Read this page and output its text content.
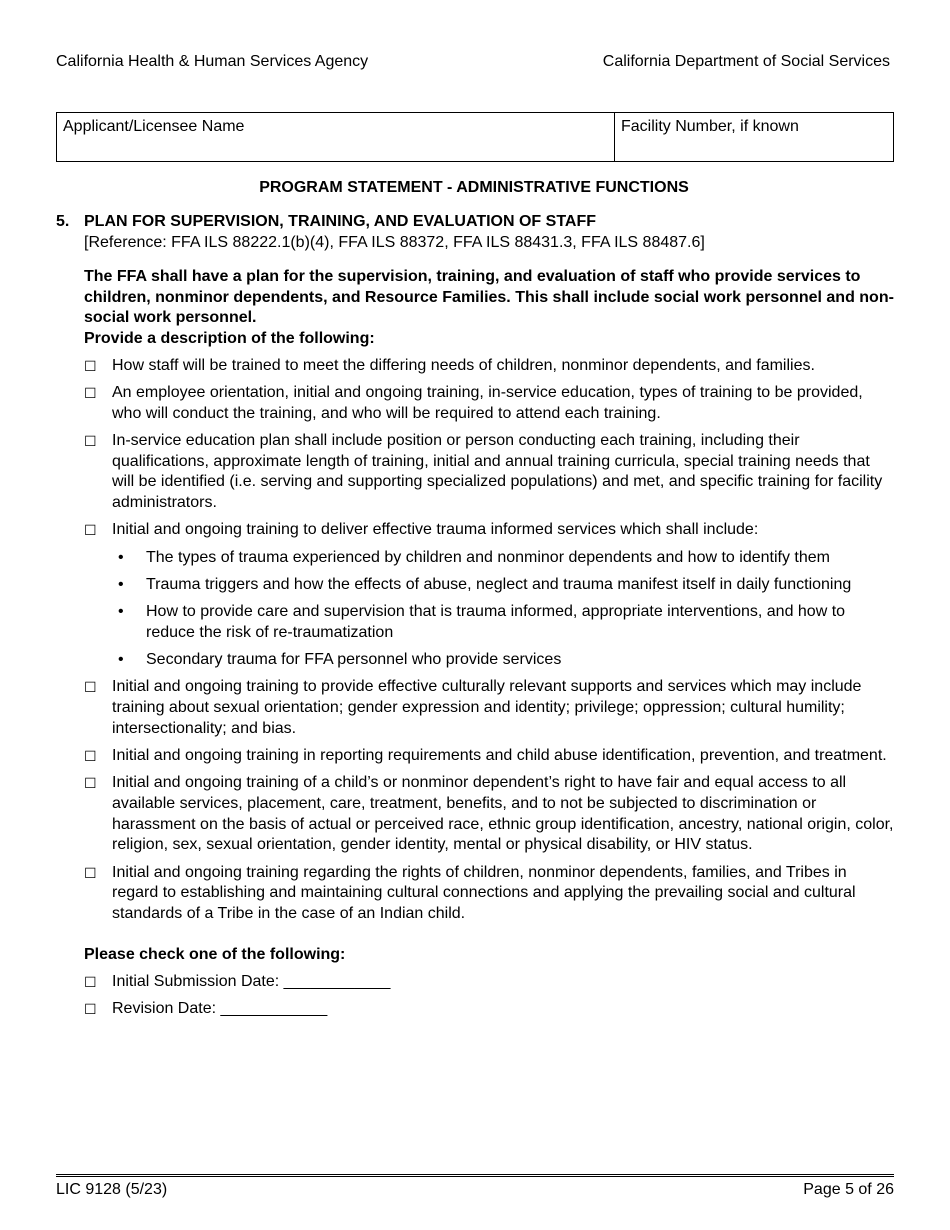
California Health & Human Services Agency	California Department of Social Services
Applicant/Licensee Name	Facility Number, if known
PROGRAM STATEMENT - ADMINISTRATIVE FUNCTIONS
5. PLAN FOR SUPERVISION, TRAINING, AND EVALUATION OF STAFF
[Reference: FFA ILS 88222.1(b)(4), FFA ILS 88372, FFA ILS 88431.3, FFA ILS 88487.6]
The FFA shall have a plan for the supervision, training, and evaluation of staff who provide services to children, nonminor dependents, and Resource Families. This shall include social work personnel and non-social work personnel.
Provide a description of the following:
☐ How staff will be trained to meet the differing needs of children, nonminor dependents, and families.
☐ An employee orientation, initial and ongoing training, in-service education, types of training to be provided, who will conduct the training, and who will be required to attend each training.
☐ In-service education plan shall include position or person conducting each training, including their qualifications, approximate length of training, initial and annual training curricula, special training needs that will be identified (i.e. serving and supporting specialized populations) and met, and specific training for facility administrators.
☐ Initial and ongoing training to deliver effective trauma informed services which shall include:
•	The types of trauma experienced by children and nonminor dependents and how to identify them
•	Trauma triggers and how the effects of abuse, neglect and trauma manifest itself in daily functioning
•	How to provide care and supervision that is trauma informed, appropriate interventions, and how to reduce the risk of re-traumatization
•	Secondary trauma for FFA personnel who provide services
☐ Initial and ongoing training to provide effective culturally relevant supports and services which may include training about sexual orientation; gender expression and identity; privilege; oppression; cultural humility; intersectionality; and bias.
☐ Initial and ongoing training in reporting requirements and child abuse identification, prevention, and treatment.
☐ Initial and ongoing training of a child’s or nonminor dependent’s right to have fair and equal access to all available services, placement, care, treatment, benefits, and to not be subjected to discrimination or harassment on the basis of actual or perceived race, ethnic group identification, ancestry, national origin, color, religion, sex, sexual orientation, gender identity, mental or physical disability, or HIV status.
☐ Initial and ongoing training regarding the rights of children, nonminor dependents, families, and Tribes in regard to establishing and maintaining cultural connections and applying the prevailing social and cultural standards of a Tribe in the case of an Indian child.
Please check one of the following:
☐ Initial Submission Date: ____________
☐ Revision Date: ____________
LIC 9128 (5/23)	Page 5 of 26
